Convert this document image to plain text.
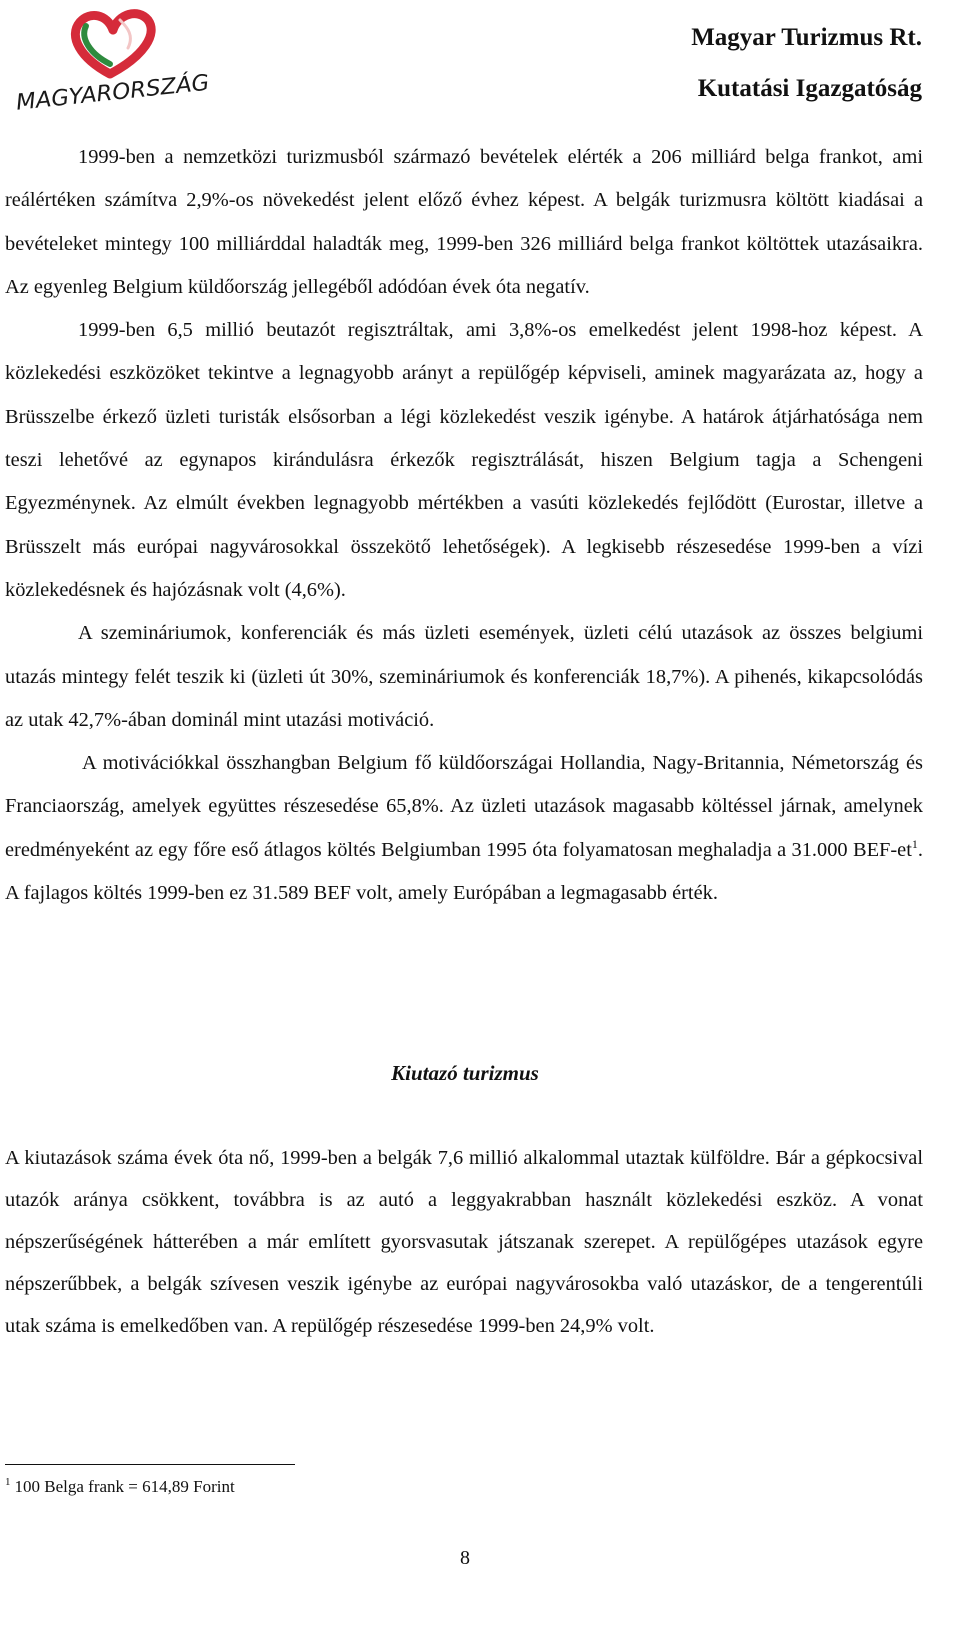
MAGYARORSZÁG
Magyar Turizmus Rt.
Kutatási Igazgatóság

1999-ben a nemzetközi turizmusból származó bevételek elérték a 206 milliárd belga frankot, ami reálértéken számítva 2,9%-os növekedést jelent előző évhez képest. A belgák turizmusra költött kiadásai a bevételeket mintegy 100 milliárddal haladták meg, 1999-ben 326 milliárd belga frankot költöttek utazásaikra. Az egyenleg Belgium küldőország jellegéből adódóan évek óta negatív.

1999-ben 6,5 millió beutazót regisztráltak, ami 3,8%-os emelkedést jelent 1998-hoz képest. A közlekedési eszközöket tekintve a legnagyobb arányt a repülőgép képviseli, aminek magyarázata az, hogy a Brüsszelbe érkező üzleti turisták elsősorban a légi közlekedést veszik igénybe. A határok átjárhatósága nem teszi lehetővé az egynapos kirándulásra érkezők regisztrálását, hiszen Belgium tagja a Schengeni Egyezménynek. Az elmúlt években legnagyobb mértékben a vasúti közlekedés fejlődött (Eurostar, illetve a Brüsszelt más európai nagyvárosokkal összekötő lehetőségek). A legkisebb részesedése 1999-ben a vízi közlekedésnek és hajózásnak volt (4,6%).

A szemináriumok, konferenciák és más üzleti események, üzleti célú utazások az összes belgiumi utazás mintegy felét teszik ki (üzleti út 30%, szemináriumok és konferenciák 18,7%). A pihenés, kikapcsolódás az utak 42,7%-ában dominál mint utazási motiváció.

A motivációkkal összhangban Belgium fő küldőországai Hollandia, Nagy-Britannia, Németország és Franciaország, amelyek együttes részesedése 65,8%. Az üzleti utazások magasabb költéssel járnak, amelynek eredményeként az egy főre eső átlagos költés Belgiumban 1995 óta folyamatosan meghaladja a 31.000 BEF-et$^1$. A fajlagos költés 1999-ben ez 31.589 BEF volt, amely Európában a legmagasabb érték.

Kiutazó turizmus

A kiutazások száma évek óta nő, 1999-ben a belgák 7,6 millió alkalommal utaztak külföldre. Bár a gépkocsival utazók aránya csökkent, továbbra is az autó a leggyakrabban használt közlekedési eszköz. A vonat népszerűségének hátterében a már említett gyorsvasutak játszanak szerepet. A repülőgépes utazások egyre népszerűbbek, a belgák szívesen veszik igénybe az európai nagyvárosokba való utazáskor, de a tengerentúli utak száma is emelkedőben van. A repülőgép részesedése 1999-ben 24,9% volt.

$^1$ 100 Belga frank = 614,89 Forint
8
